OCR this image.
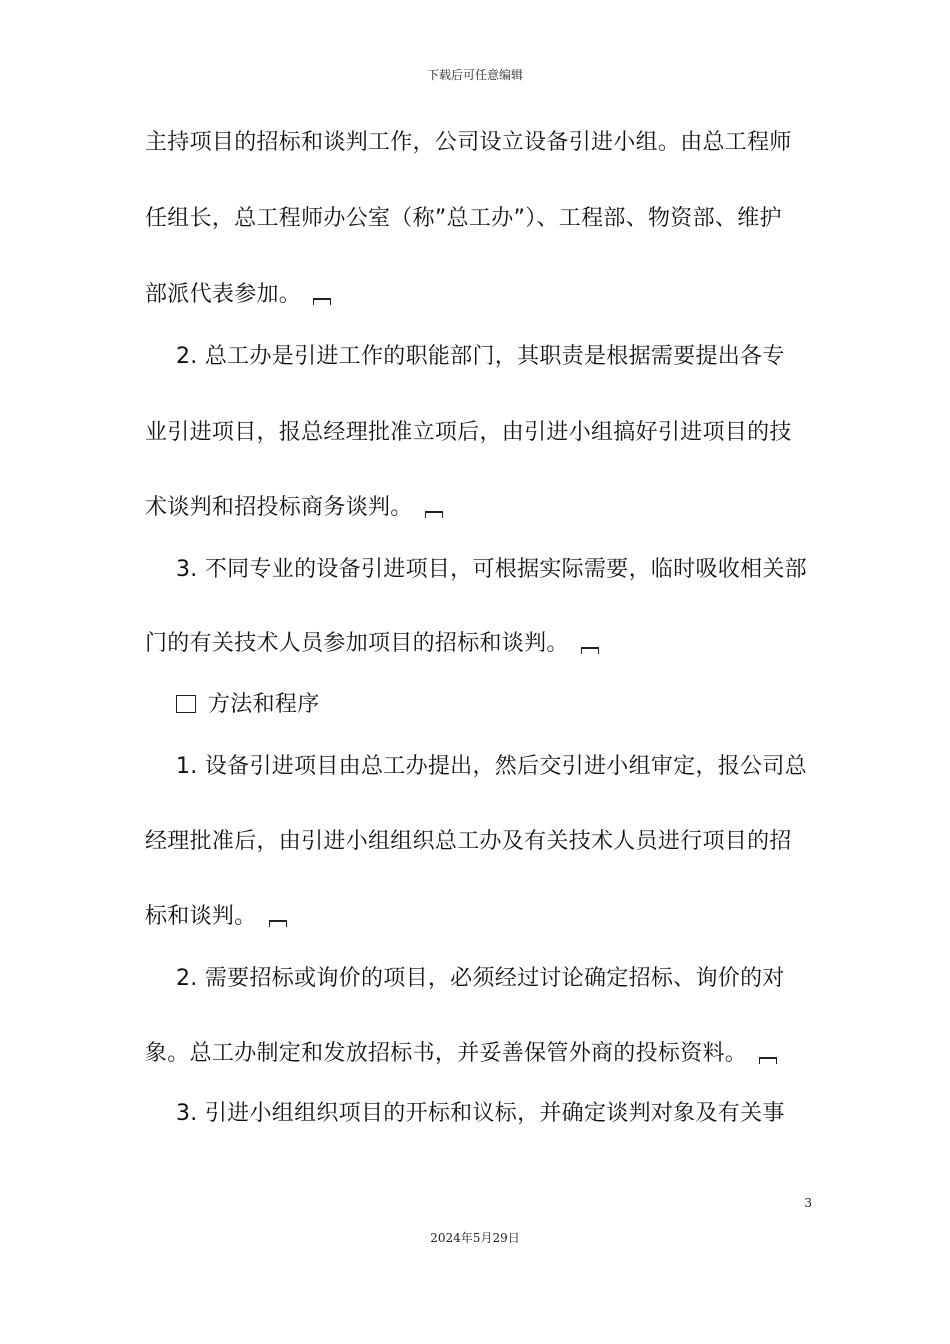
下载后可任意编辑
主持项目的招标和谈判工作，公司设立设备引进小组。由总工程师
任组长，总工程师办公室（称”总工办”）、工程部、物资部、维护
部派代表参加。
2. 总工办是引进工作的职能部门，其职责是根据需要提出各专
业引进项目，报总经理批准立项后，由引进小组搞好引进项目的技
术谈判和招投标商务谈判。
3. 不同专业的设备引进项目，可根据实际需要，临时吸收相关部
门的有关技术人员参加项目的招标和谈判。
方法和程序
1. 设备引进项目由总工办提出，然后交引进小组审定，报公司总
经理批准后，由引进小组组织总工办及有关技术人员进行项目的招
标和谈判。
2. 需要招标或询价的项目，必须经过讨论确定招标、询价的对
象。总工办制定和发放招标书，并妥善保管外商的投标资料。
3. 引进小组组织项目的开标和议标，并确定谈判对象及有关事
3
2024年5月29日
